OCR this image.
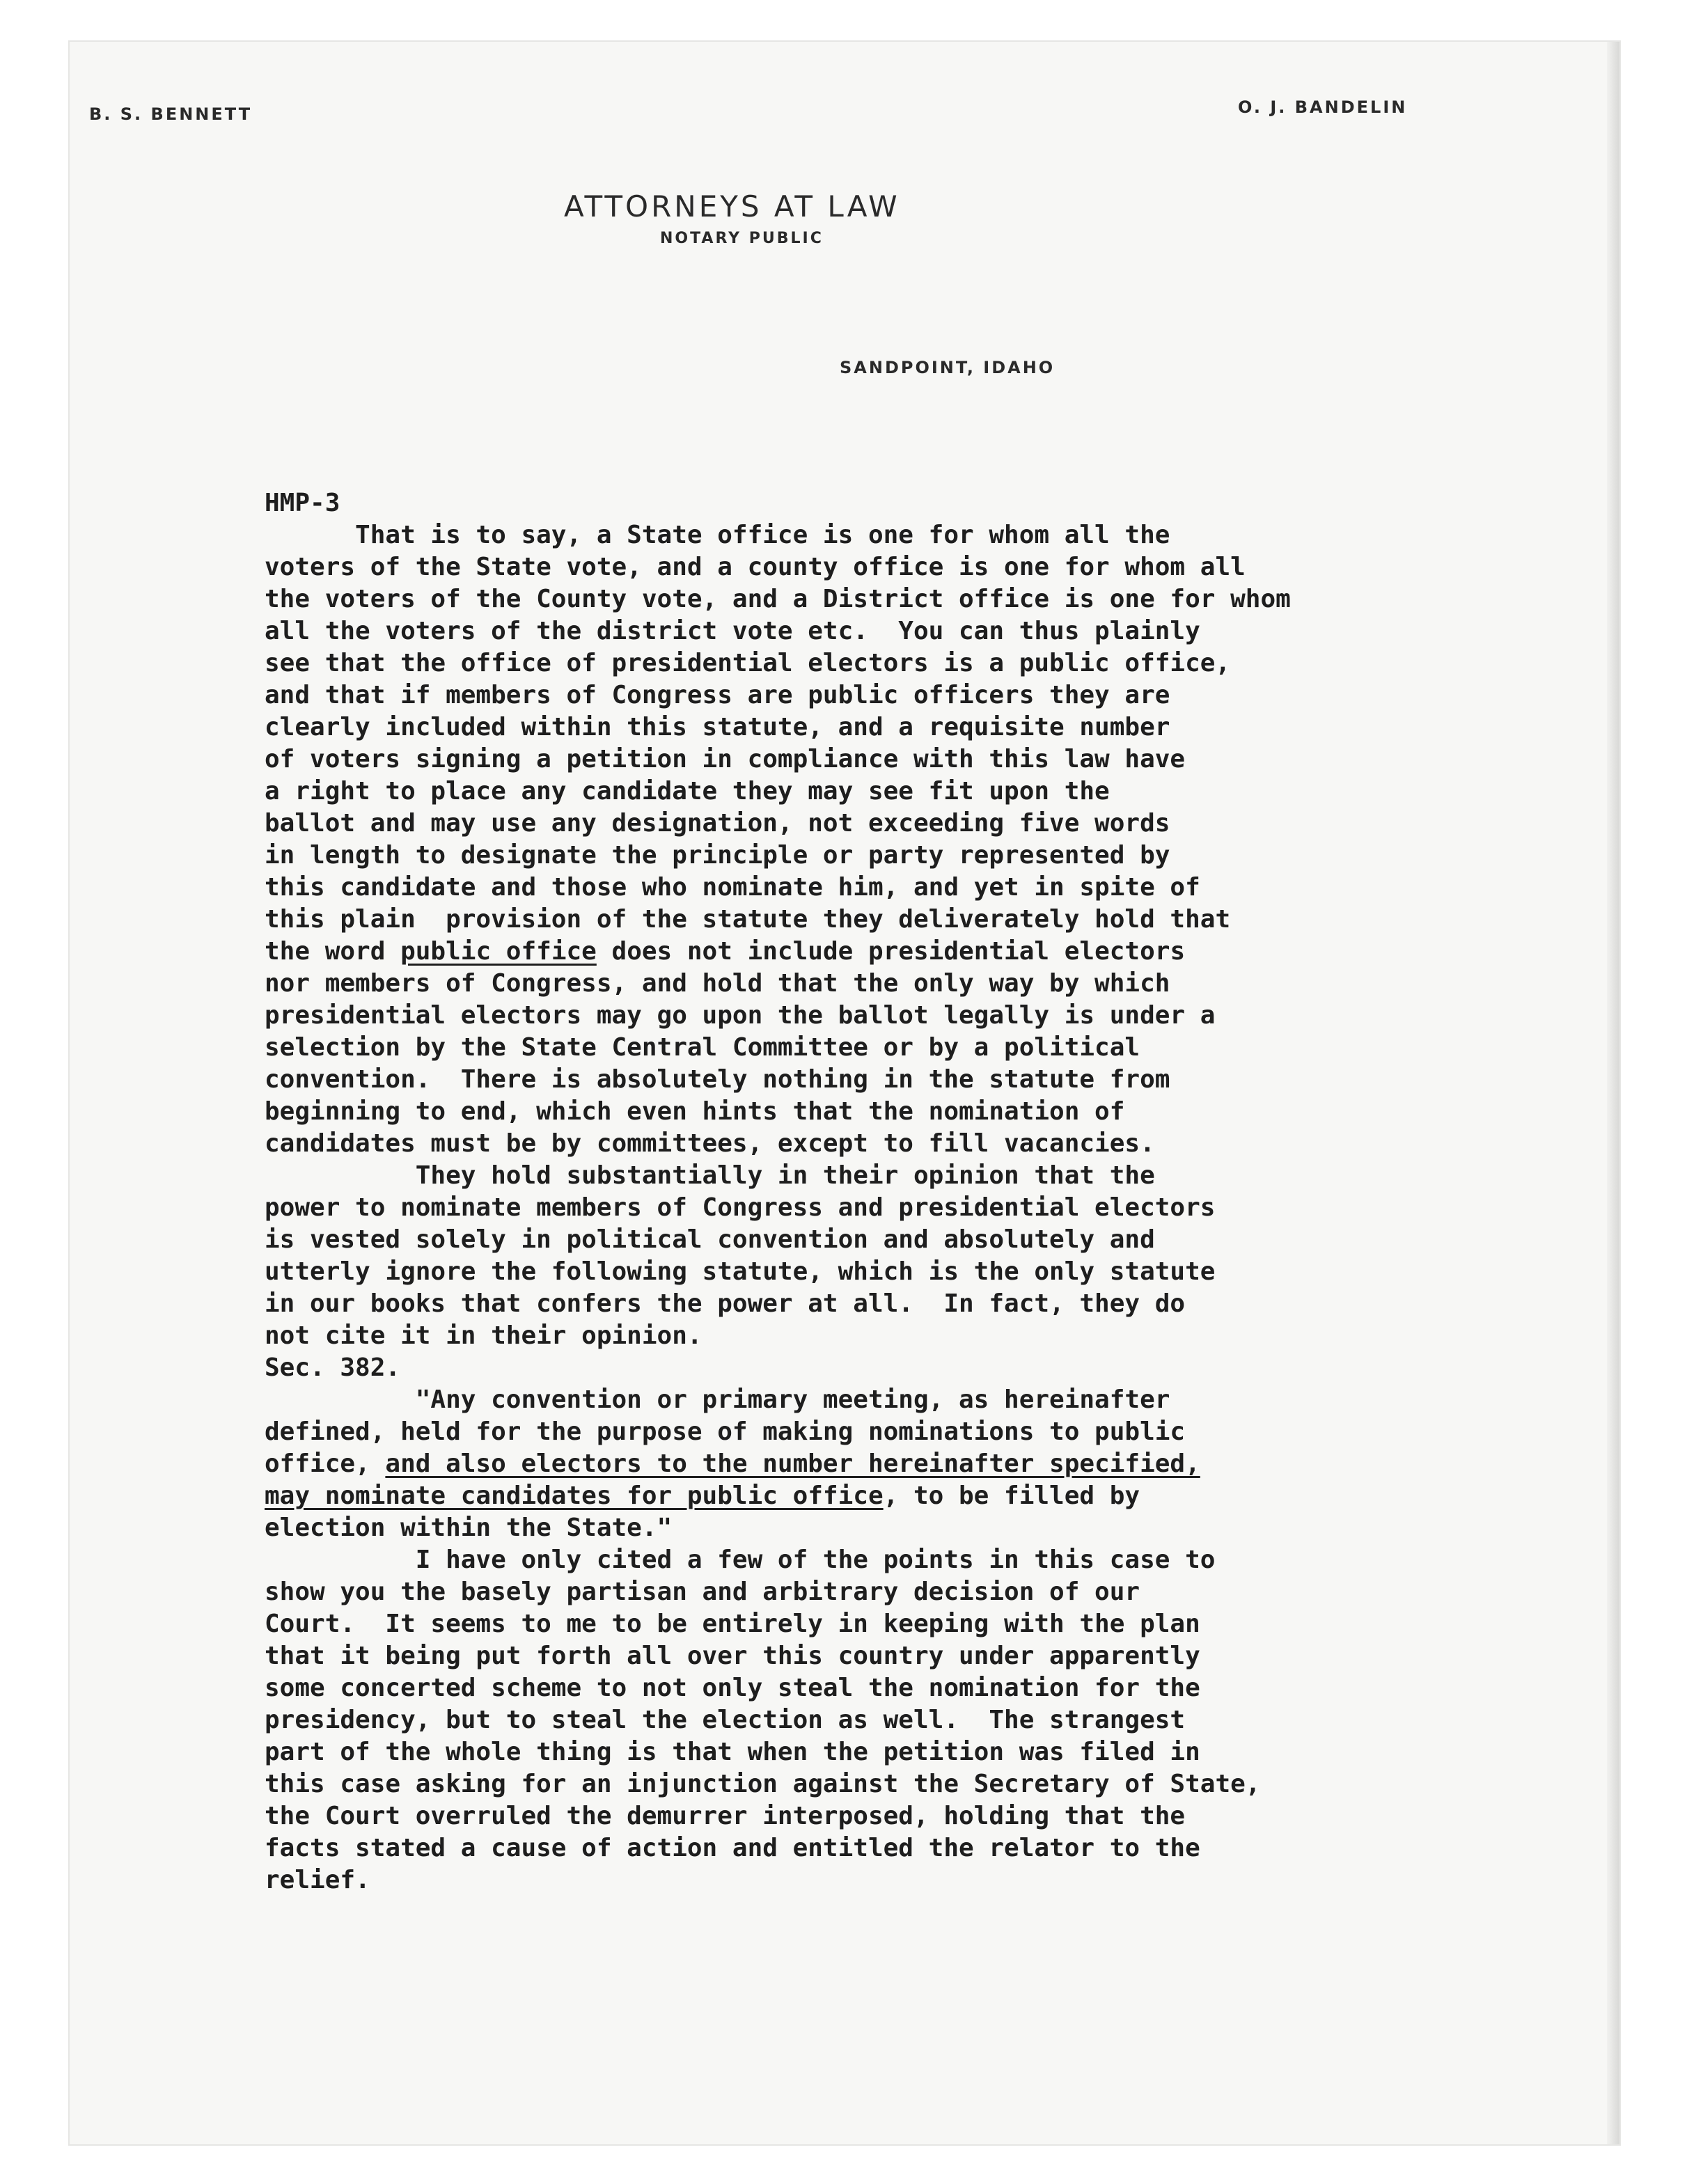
B. S. BENNETT	O. J. BANDELIN
ATTORNEYS AT LAW
NOTARY PUBLIC
SANDPOINT, IDAHO
HMP-3
That is to say, a State office is one for whom all the
voters of the State vote, and a county office is one for whom all
the voters of the County vote, and a District office is one for whom
all the voters of the district vote etc.  You can thus plainly
see that the office of presidential electors is a public office,
and that if members of Congress are public officers they are
clearly included within this statute, and a requisite number
of voters signing a petition in compliance with this law have
a right to place any candidate they may see fit upon the
ballot and may use any designation, not exceeding five words
in length to designate the principle or party represented by
this candidate and those who nominate him, and yet in spite of
this plain  provision of the statute they deliverately hold that
the word public office does not include presidential electors
nor members of Congress, and hold that the only way by which
presidential electors may go upon the ballot legally is under a
selection by the State Central Committee or by a political
convention.  There is absolutely nothing in the statute from
beginning to end, which even hints that the nomination of
candidates must be by committees, except to fill vacancies.
They hold substantially in their opinion that the
power to nominate members of Congress and presidential electors
is vested solely in political convention and absolutely and
utterly ignore the following statute, which is the only statute
in our books that confers the power at all.  In fact, they do
not cite it in their opinion.
Sec. 382.
"Any convention or primary meeting, as hereinafter
defined, held for the purpose of making nominations to public
office, and also electors to the number hereinafter specified,
may nominate candidates for public office, to be filled by
election within the State."
I have only cited a few of the points in this case to
show you the basely partisan and arbitrary decision of our
Court.  It seems to me to be entirely in keeping with the plan
that it being put forth all over this country under apparently
some concerted scheme to not only steal the nomination for the
presidency, but to steal the election as well.  The strangest
part of the whole thing is that when the petition was filed in
this case asking for an injunction against the Secretary of State,
the Court overruled the demurrer interposed, holding that the
facts stated a cause of action and entitled the relator to the
relief.
